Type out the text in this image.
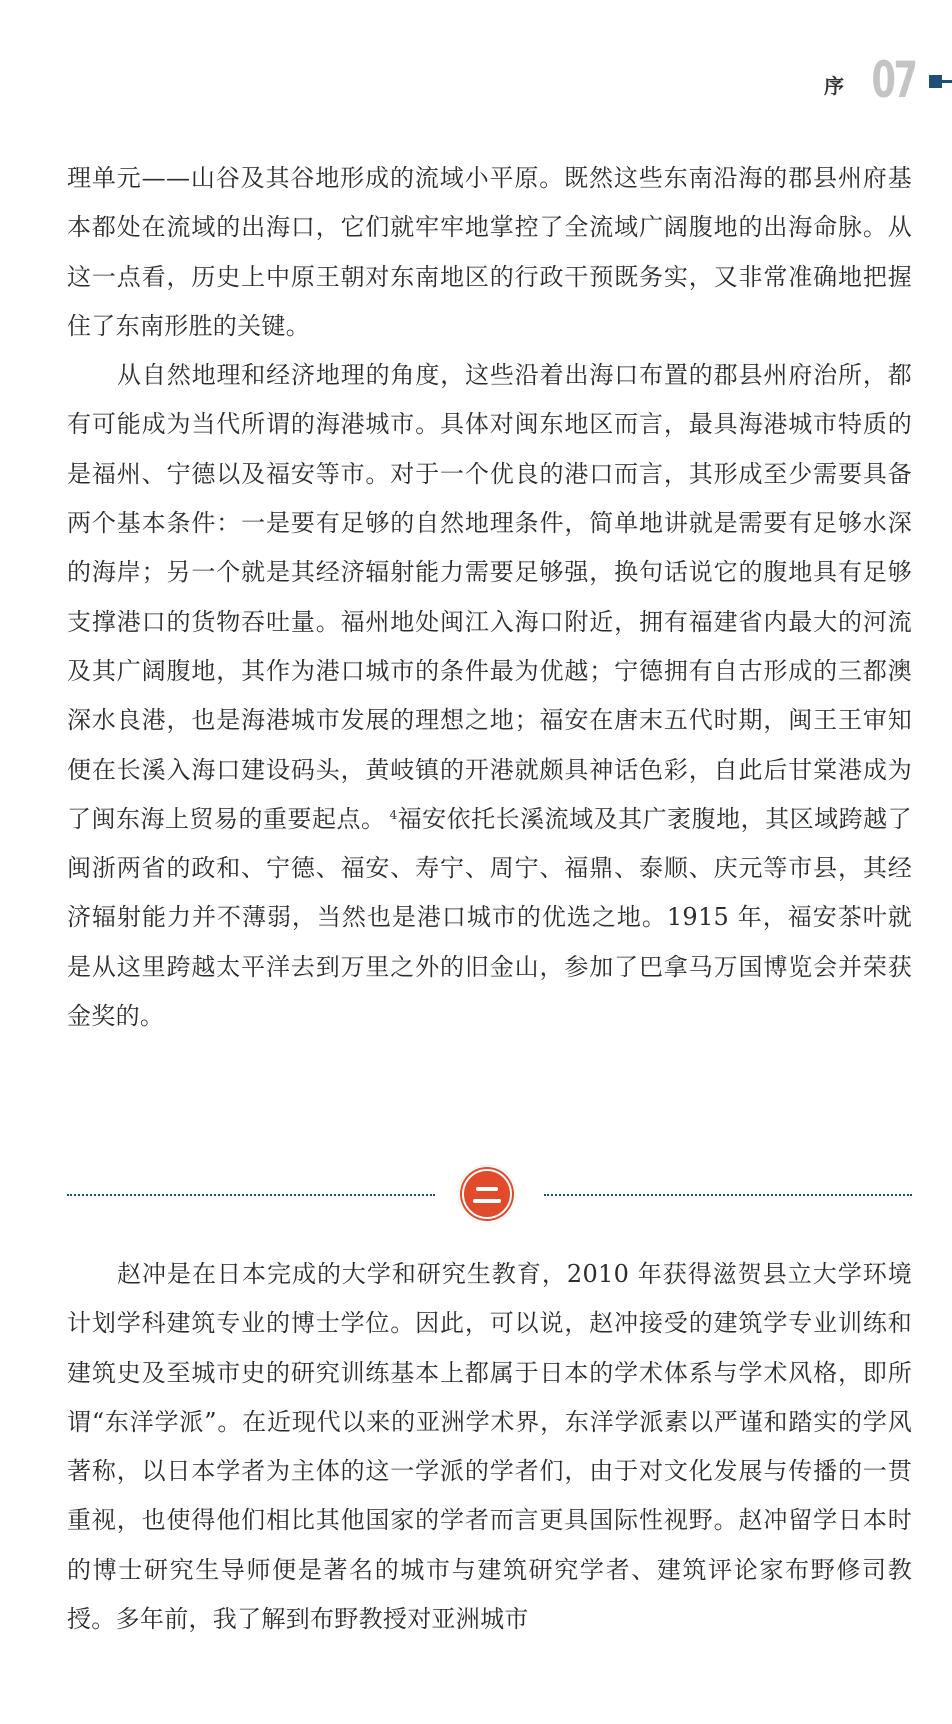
序 07

理单元——山谷及其谷地形成的流域小平原。既然这些东南沿海的郡县州府基本都处在流域的出海口，它们就牢牢地掌控了全流域广阔腹地的出海命脉。从这一点看，历史上中原王朝对东南地区的行政干预既务实，又非常准确地把握住了东南形胜的关键。

从自然地理和经济地理的角度，这些沿着出海口布置的郡县州府治所，都有可能成为当代所谓的海港城市。具体对闽东地区而言，最具海港城市特质的是福州、宁德以及福安等市。对于一个优良的港口而言，其形成至少需要具备两个基本条件：一是要有足够的自然地理条件，简单地讲就是需要有足够水深的海岸；另一个就是其经济辐射能力需要足够强，换句话说它的腹地具有足够支撑港口的货物吞吐量。福州地处闽江入海口附近，拥有福建省内最大的河流及其广阔腹地，其作为港口城市的条件最为优越；宁德拥有自古形成的三都澳深水良港，也是海港城市发展的理想之地；福安在唐末五代时期，闽王王审知便在长溪入海口建设码头，黄岐镇的开港就颇具神话色彩，自此后甘棠港成为了闽东海上贸易的重要起点。 $^4$福安依托长溪流域及其广袤腹地，其区域跨越了闽浙两省的政和、宁德、福安、寿宁、周宁、福鼎、泰顺、庆元等市县，其经济辐射能力并不薄弱，当然也是港口城市的优选之地。1915 年，福安茶叶就是从这里跨越太平洋去到万里之外的旧金山，参加了巴拿马万国博览会并荣获金奖的。

赵冲是在日本完成的大学和研究生教育，2010 年获得滋贺县立大学环境计划学科建筑专业的博士学位。因此，可以说，赵冲接受的建筑学专业训练和建筑史及至城市史的研究训练基本上都属于日本的学术体系与学术风格，即所谓“东洋学派”。在近现代以来的亚洲学术界，东洋学派素以严谨和踏实的学风著称，以日本学者为主体的这一学派的学者们，由于对文化发展与传播的一贯重视，也使得他们相比其他国家的学者而言更具国际性视野。赵冲留学日本时的博士研究生导师便是著名的城市与建筑研究学者、建筑评论家布野修司教授。多年前，我了解到布野教授对亚洲城市
